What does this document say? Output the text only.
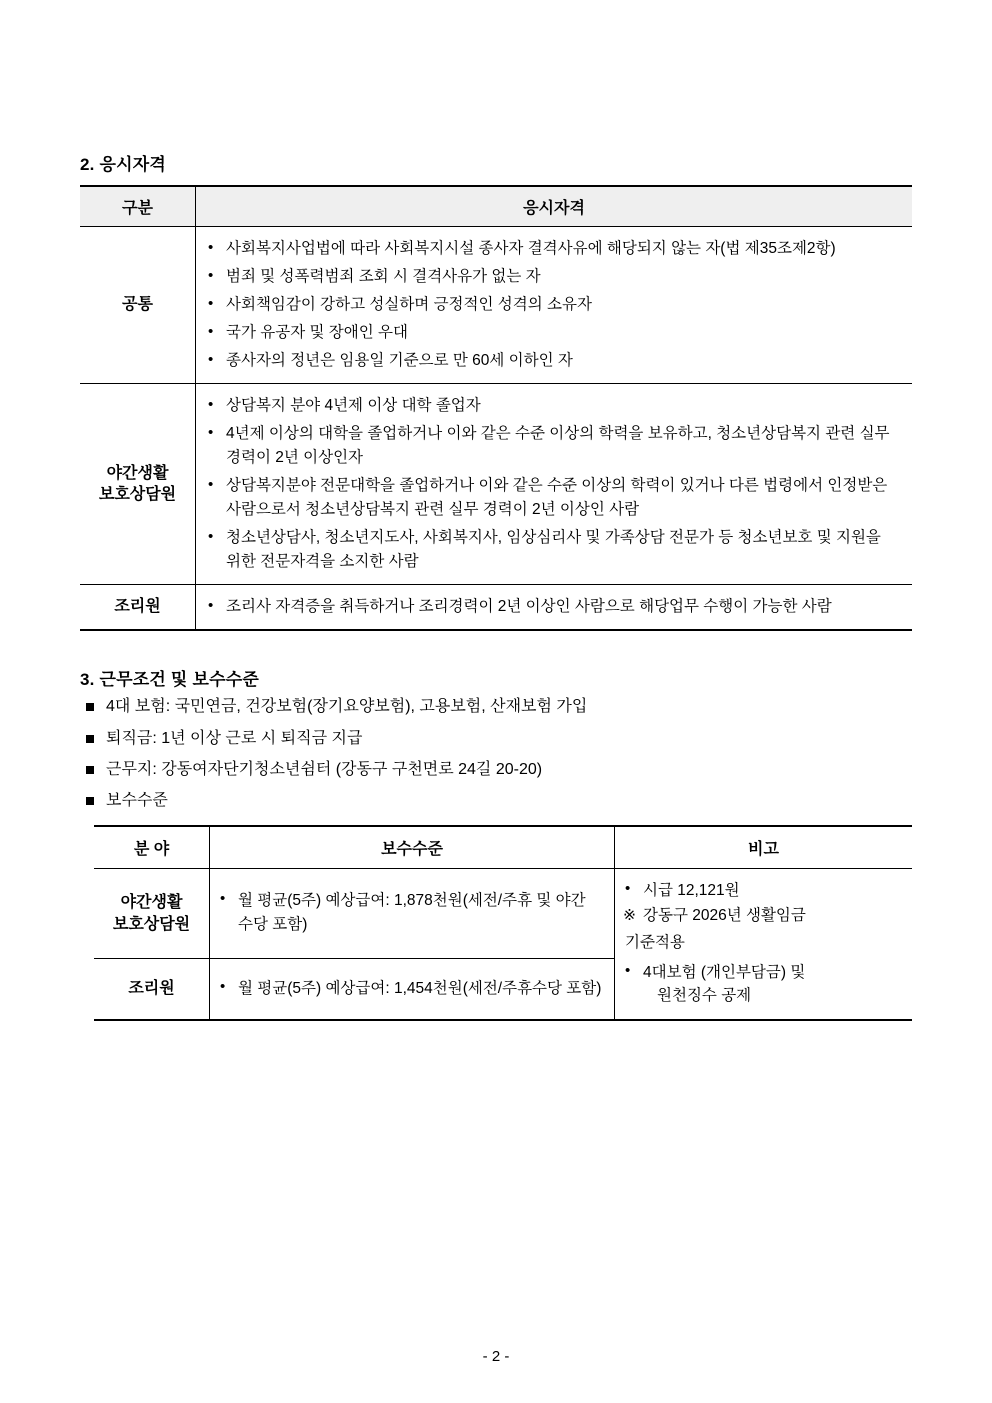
2. 응시자격
구분	응시자격
공통	
• 사회복지사업법에 따라 사회복지시설 종사자 결격사유에 해당되지 않는 자(법 제35조제2항)
• 범죄 및 성폭력범죄 조회 시 결격사유가 없는 자
• 사회책임감이 강하고 성실하며 긍정적인 성격의 소유자
• 국가 유공자 및 장애인 우대
• 종사자의 정년은 임용일 기준으로 만 60세 이하인 자

야간생활
보호상담원	
• 상담복지 분야 4년제 이상 대학 졸업자
• 4년제 이상의 대학을 졸업하거나 이와 같은 수준 이상의 학력을 보유하고, 청소년상담복지 관련 실무경력이 2년 이상인자
• 상담복지분야 전문대학을 졸업하거나 이와 같은 수준 이상의 학력이 있거나 다른 법령에서 인정받은 사람으로서 청소년상담복지 관련 실무 경력이 2년 이상인 사람
• 청소년상담사, 청소년지도사, 사회복지사, 임상심리사 및 가족상담 전문가 등 청소년보호 및 지원을 위한 전문자격을 소지한 사람

조리원	
•조리사 자격증을 취득하거나 조리경력이 2년 이상인 사람으로 해당업무 수행이 가능한 사람
3. 근무조건 및 보수수준
4대 보험: 국민연금, 건강보험(장기요양보험), 고용보험, 산재보험 가입
퇴직금: 1년 이상 근로 시 퇴직금 지급
근무지: 강동여자단기청소년쉼터 (강동구 구천면로 24길 20-20)
보수수준
분 야	보수수준	비고
야간생활
보호상담원	
• 월 평균(5주) 예상급여: 1,878천원(세전/주휴 및 야간 수당 포함)

• 시급 12,121원
※ 강동구 2026년 생활임금
기준적용
• 4대보험 (개인부담금) 및
원천징수 공제

조리원	
•월 평균(5주) 예상급여: 1,454천원(세전/주휴수당 포함)
- 2 -
